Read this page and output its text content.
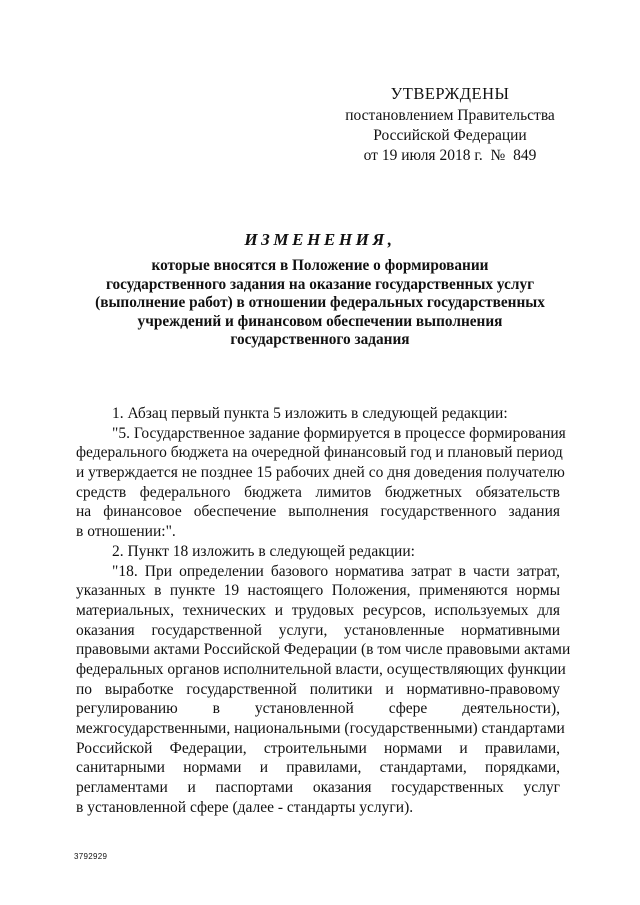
УТВЕРЖДЕНЫ
постановлением Правительства
Российской Федерации
от 19 июля 2018 г.  №  849
ИЗМЕНЕНИЯ,
которые вносятся в Положение о формировании
государственного задания на оказание государственных услуг
(выполнение работ) в отношении федеральных государственных
учреждений и финансовом обеспечении выполнения
государственного задания
1. Абзац первый пункта 5 изложить в следующей редакции:
"5. Государственное задание формируется в процессе формирования
федерального бюджета на очередной финансовый год и плановый период
и утверждается не позднее 15 рабочих дней со дня доведения получателю
средств федерального бюджета лимитов бюджетных обязательств
на финансовое обеспечение выполнения государственного задания
в отношении:".
2. Пункт 18 изложить в следующей редакции:
"18. При определении базового норматива затрат в части затрат,
указанных в пункте 19 настоящего Положения, применяются нормы
материальных, технических и трудовых ресурсов, используемых для
оказания государственной услуги, установленные нормативными
правовыми актами Российской Федерации (в том числе правовыми актами
федеральных органов исполнительной власти, осуществляющих функции
по выработке государственной политики и нормативно-правовому
регулированию в установленной сфере деятельности),
межгосударственными, национальными (государственными) стандартами
Российской Федерации, строительными нормами и правилами,
санитарными нормами и правилами, стандартами, порядками,
регламентами и паспортами оказания государственных услуг
в установленной сфере (далее - стандарты услуги).
3792929
